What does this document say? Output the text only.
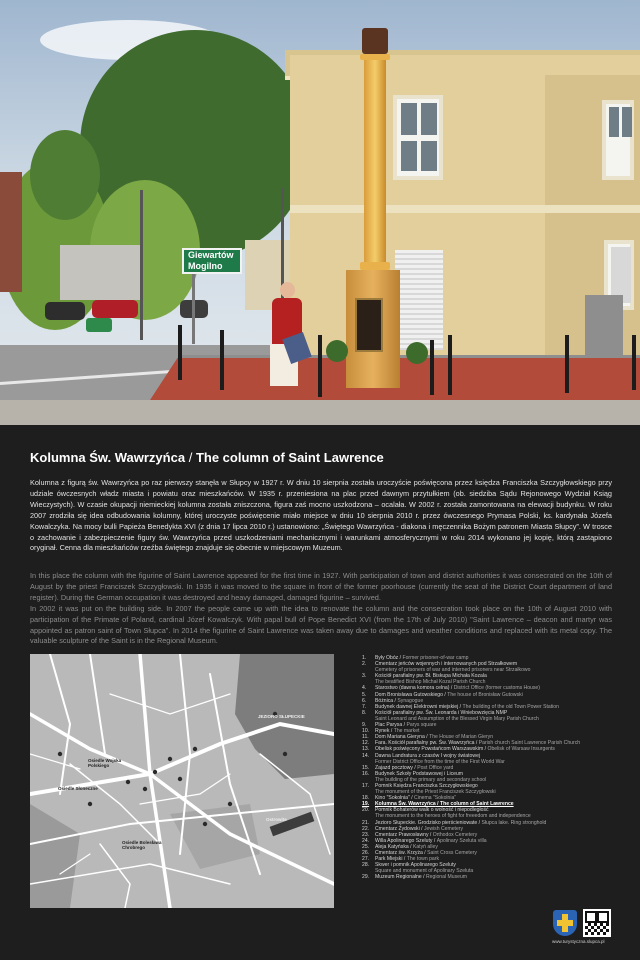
Giewartów
Mogilno
Kolumna Św. Wawrzyńca / The column of Saint Lawrence

Kolumna z figurą św. Wawrzyńca po raz pierwszy stanęła w Słupcy w 1927 r. W dniu 10 sierpnia została uroczyście poświęcona przez księdza Franciszka Szczygłowskiego przy udziale ówczesnych władz miasta i powiatu oraz mieszkańców. W 1935 r. przeniesiona na plac przed dawnym przytułkiem (ob. siedziba Sądu Rejonowego Wydział Ksiąg Wieczystych). W czasie okupacji niemieckiej kolumna została zniszczona, figura zaś mocno uszkodzona – ocalała. W 2002 r. została zamontowana na elewacji budynku. W roku 2007 zrodziła się idea odbudowania kolumny, której uroczyste poświęcenie miało miejsce w dniu 10 sierpnia 2010 r. przez ówczesnego Prymasa Polski, ks. kardynała Józefa Kowalczyka. Na mocy bulli Papieża Benedykta XVI (z dnia 17 lipca 2010 r.) ustanowiono: „Świętego Wawrzyńca - diakona i męczennika Bożym patronem Miasta Słupcy”. W trosce o zachowanie i zabezpieczenie figury św. Wawrzyńca przed uszkodzeniami mechanicznymi i warunkami atmosferycznymi w roku 2014 wykonano jej kopię, którą zastąpiono oryginał. Cenna dla mieszkańców rzeźba świętego znajduje się obecnie w miejscowym Muzeum.

In this place the column with the figurine of Saint Lawrence appeared for the first time in 1927. With participation of town and district authorities it was consecrated on the 10th of August by the priest Franciszek Szczygłowski. In 1935 it was moved to the square in front of the former poorhouse (currently the seat of the District Court department of land register). During the German occupation it was destroyed and heavy damaged, damaged figurine – survived.

In 2002 it was put on the building side. In 2007 the people came up with the idea to renovate the column and the consecration took place on the 10th of August 2010 with participation of the Primate of Poland, cardinal Józef Kowalczyk. With papal bull of Pope Benedict XVI (from the 17th of July 2010) "Saint Lawrence – deacon and martyr was appointed as patron saint of Town Słupca". In 2014 the figurine of Saint Lawrence was taken away due to damages and weather conditions and replaced with its metal copy. The valuable sculpture of the Saint is in the Regional Museum.

JEZIORO SŁUPECKIE
Osiedle Wojska Polskiego
Osiedle Słoneczne
Osiedle Bolesława Chrobrego
Ostrowite
1.	Były Obóz / Former prisoner-of-war camp
2.	Cmentarz jeńców wojennych i internowanych pod Strzałkowem
Cemetery of prisoners of war and interned prisoners near Strzałkowo
3.	Kościół parafialny pw. Bł. Biskupa Michała Kozala
The beatified Bishop Michał Kozal Parish Church
4.	Starostwo (dawna komora celna) / District Office (former customs House)
5.	Dom Bronisława Gutowskiego / The house of Bronisław Gutowski
6.	Bóżnica / Synagogue
7.	Budynek dawnej Elektrowni miejskiej / The building of the old Town Power Station
8.	Kościół parafialny pw. Św. Leonarda i Wniebowzięcia NMP
Saint Leonard and Assumption of the Blessed Virgin Mary Parish Church
9.	Plac Parysa / Parys square
10.	Rynek / The market
11.	Dom Mariana Gieryna / The House of Marian Gieryn
12.	Fara. Kościół parafialny pw. Św. Wawrzyńca / Parish church Saint Lawrence Parish Church
13.	Obelisk poświęcony Powstańcom Warszawskim / Obelisk of Warsaw Insurgents
14.	Dawna Landratura z czasów I wojny światowej
Former District Office from the time of the First World War
15.	Zajazd pocztowy / Post Office yard
16.	Budynek Szkoły Podstawowej i Liceum
The building of the primary and secondary school
17.	Pomnik Księdza Franciszka Szczygłowskiego
The monument of the Priest Franciszek Szczygłowski
18.	Kino "Sokolnia" / Cinema "Sokolnia"
19.	Kolumna Św. Wawrzyńca / The column of Saint Lawrence
20.	Pomnik Bohaterów walk o wolność i niepodległość
The monument to the heroes of fight for freeedom and independence
21.	Jezioro Słupeckie. Grodzisko pierścieniowate / Słupca lake. Ring stronghold
22.	Cmentarz Żydowski / Jewish Cemetery
23.	Cmentarz Prawosławny / Orthodox Cemetery
24.	Willa Apolinarego Szeluty / Apolinary Szeluta villa
25.	Aleja Katyńska / Katyń alley
26.	Cmentarz św. Krzyża / Saint Cross Cemetery
27.	Park Miejski / The town park
28.	Skwer i pomnik Apolinarego Szeluty
Square and monument of Apolinary Szeluta
29.	Muzeum Regionalne / Regional Museum
www.turystyczna.slupca.pl
